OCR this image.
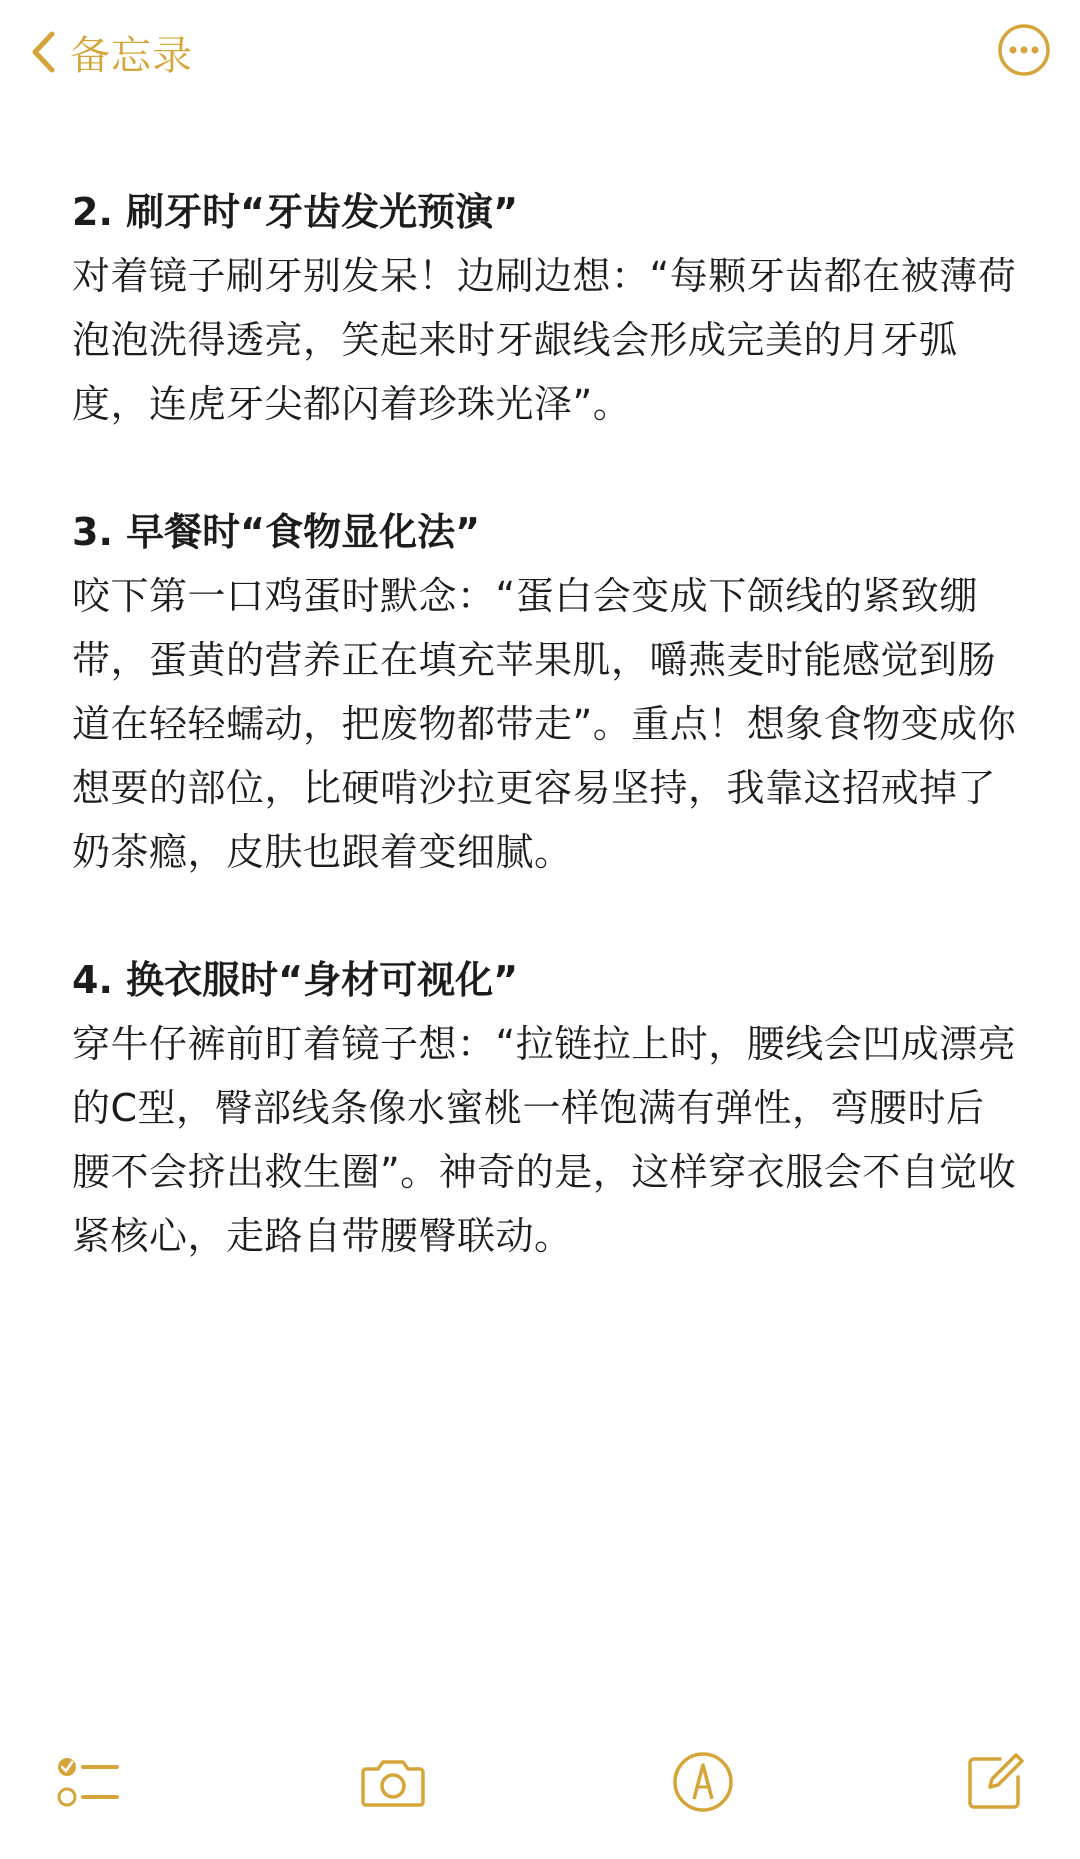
备忘录

2. 刷牙时“牙齿发光预演”

对着镜子刷牙别发呆！边刷边想：“每颗牙齿都在被薄荷泡泡洗得透亮，笑起来时牙龈线会形成完美的月牙弧度，连虎牙尖都闪着珍珠光泽”。

3. 早餐时“食物显化法”

咬下第一口鸡蛋时默念：“蛋白会变成下颌线的紧致绷带，蛋黄的营养正在填充苹果肌，嚼燕麦时能感觉到肠道在轻轻蠕动，把废物都带走”。重点！想象食物变成你想要的部位，比硬啃沙拉更容易坚持，我靠这招戒掉了奶茶瘾，皮肤也跟着变细腻。

4. 换衣服时“身材可视化”

穿牛仔裤前盯着镜子想：“拉链拉上时，腰线会凹成漂亮的C型，臀部线条像水蜜桃一样饱满有弹性，弯腰时后腰不会挤出救生圈”。神奇的是，这样穿衣服会不自觉收紧核心，走路自带腰臀联动。
